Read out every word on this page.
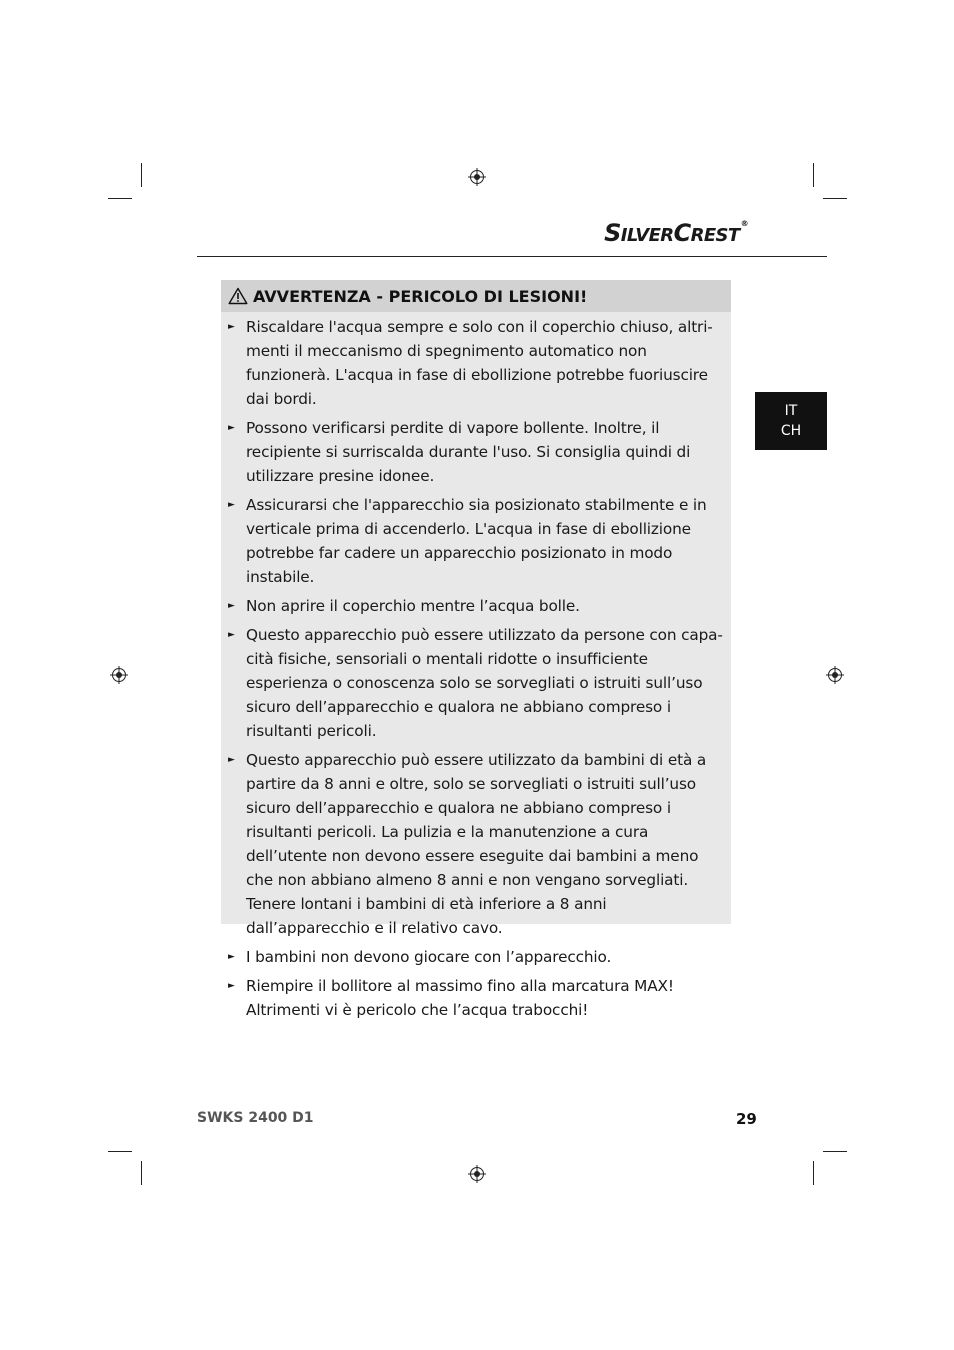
SILVERCREST®
IT
CH
AVVERTENZA - PERICOLO DI LESIONI!
► Riscaldare l'acqua sempre e solo con il coperchio chiuso, altrimenti il meccanismo di spegnimento automatico non funzionerà. L'acqua in fase di ebollizione potrebbe fuoriuscire dai bordi.
► Possono verificarsi perdite di vapore bollente. Inoltre, il recipiente si surriscalda durante l'uso. Si consiglia quindi di utilizzare presine idonee.
► Assicurarsi che l'apparecchio sia posizionato stabilmente e in verticale prima di accenderlo. L'acqua in fase di ebollizione potrebbe far cadere un apparecchio posizionato in modo instabile.
► Non aprire il coperchio mentre l’acqua bolle.
► Questo apparecchio può essere utilizzato da persone con capacità fisiche, sensoriali o mentali ridotte o insufficiente esperienza o conoscenza solo se sorvegliati o istruiti sull’uso sicuro dell’apparecchio e qualora ne abbiano compreso i risultanti pericoli.
► Questo apparecchio può essere utilizzato da bambini di età a partire da 8 anni e oltre, solo se sorvegliati o istruiti sull’uso sicuro dell’apparecchio e qualora ne abbiano compreso i risultanti pericoli. La pulizia e la manutenzione a cura dell’utente non devono essere eseguite dai bambini a meno che non abbiano almeno 8 anni e non vengano sorvegliati. Tenere lontani i bambini di età inferiore a 8 anni dall’apparecchio e il relativo cavo.
► I bambini non devono giocare con l’apparecchio.
► Riempire il bollitore al massimo fino alla marcatura MAX! Altrimenti vi è pericolo che l’acqua trabocchi!
SWKS 2400 D1	29
